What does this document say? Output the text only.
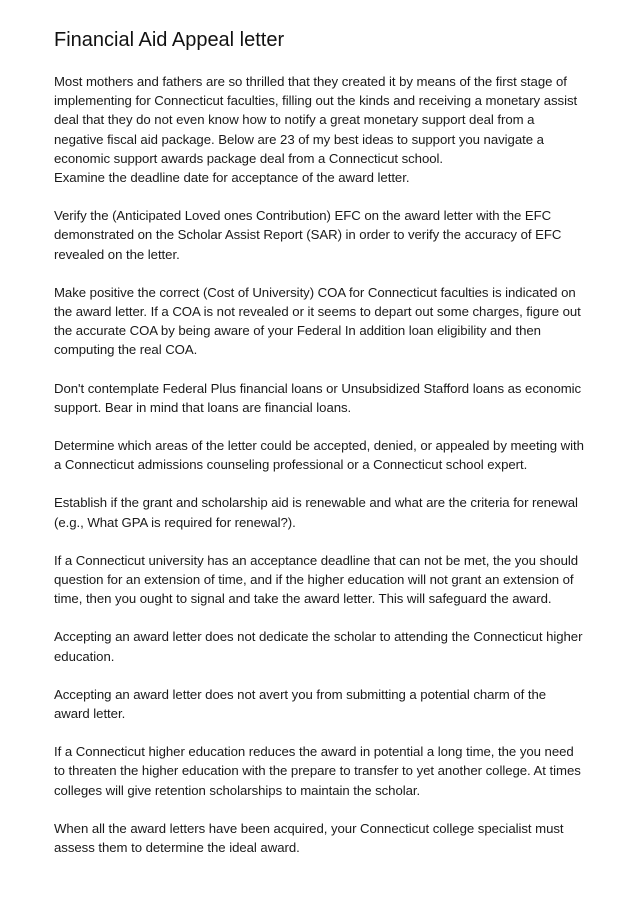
Financial Aid Appeal letter

Most mothers and fathers are so thrilled that they created it by means of the first stage of implementing for Connecticut faculties, filling out the kinds and receiving a monetary assist deal that they do not even know how to notify a great monetary support deal from a negative fiscal aid package. Below are 23 of my best ideas to support you navigate a economic support awards package deal from a Connecticut school.
Examine the deadline date for acceptance of the award letter.

Verify the (Anticipated Loved ones Contribution) EFC on the award letter with the EFC demonstrated on the Scholar Assist Report (SAR) in order to verify the accuracy of EFC revealed on the letter.

Make positive the correct (Cost of University) COA for Connecticut faculties is indicated on the award letter. If a COA is not revealed or it seems to depart out some charges, figure out the accurate COA by being aware of your Federal In addition loan eligibility and then computing the real COA.

Don't contemplate Federal Plus financial loans or Unsubsidized Stafford loans as economic support. Bear in mind that loans are financial loans.

Determine which areas of the letter could be accepted, denied, or appealed by meeting with a Connecticut admissions counseling professional or a Connecticut school expert.

Establish if the grant and scholarship aid is renewable and what are the criteria for renewal (e.g., What GPA is required for renewal?).

If a Connecticut university has an acceptance deadline that can not be met, the you should question for an extension of time, and if the higher education will not grant an extension of time, then you ought to signal and take the award letter. This will safeguard the award.

Accepting an award letter does not dedicate the scholar to attending the Connecticut higher education.

Accepting an award letter does not avert you from submitting a potential charm of the award letter.

If a Connecticut higher education reduces the award in potential a long time, the you need to threaten the higher education with the prepare to transfer to yet another college. At times colleges will give retention scholarships to maintain the scholar.

When all the award letters have been acquired, your Connecticut college specialist must assess them to determine the ideal award.
